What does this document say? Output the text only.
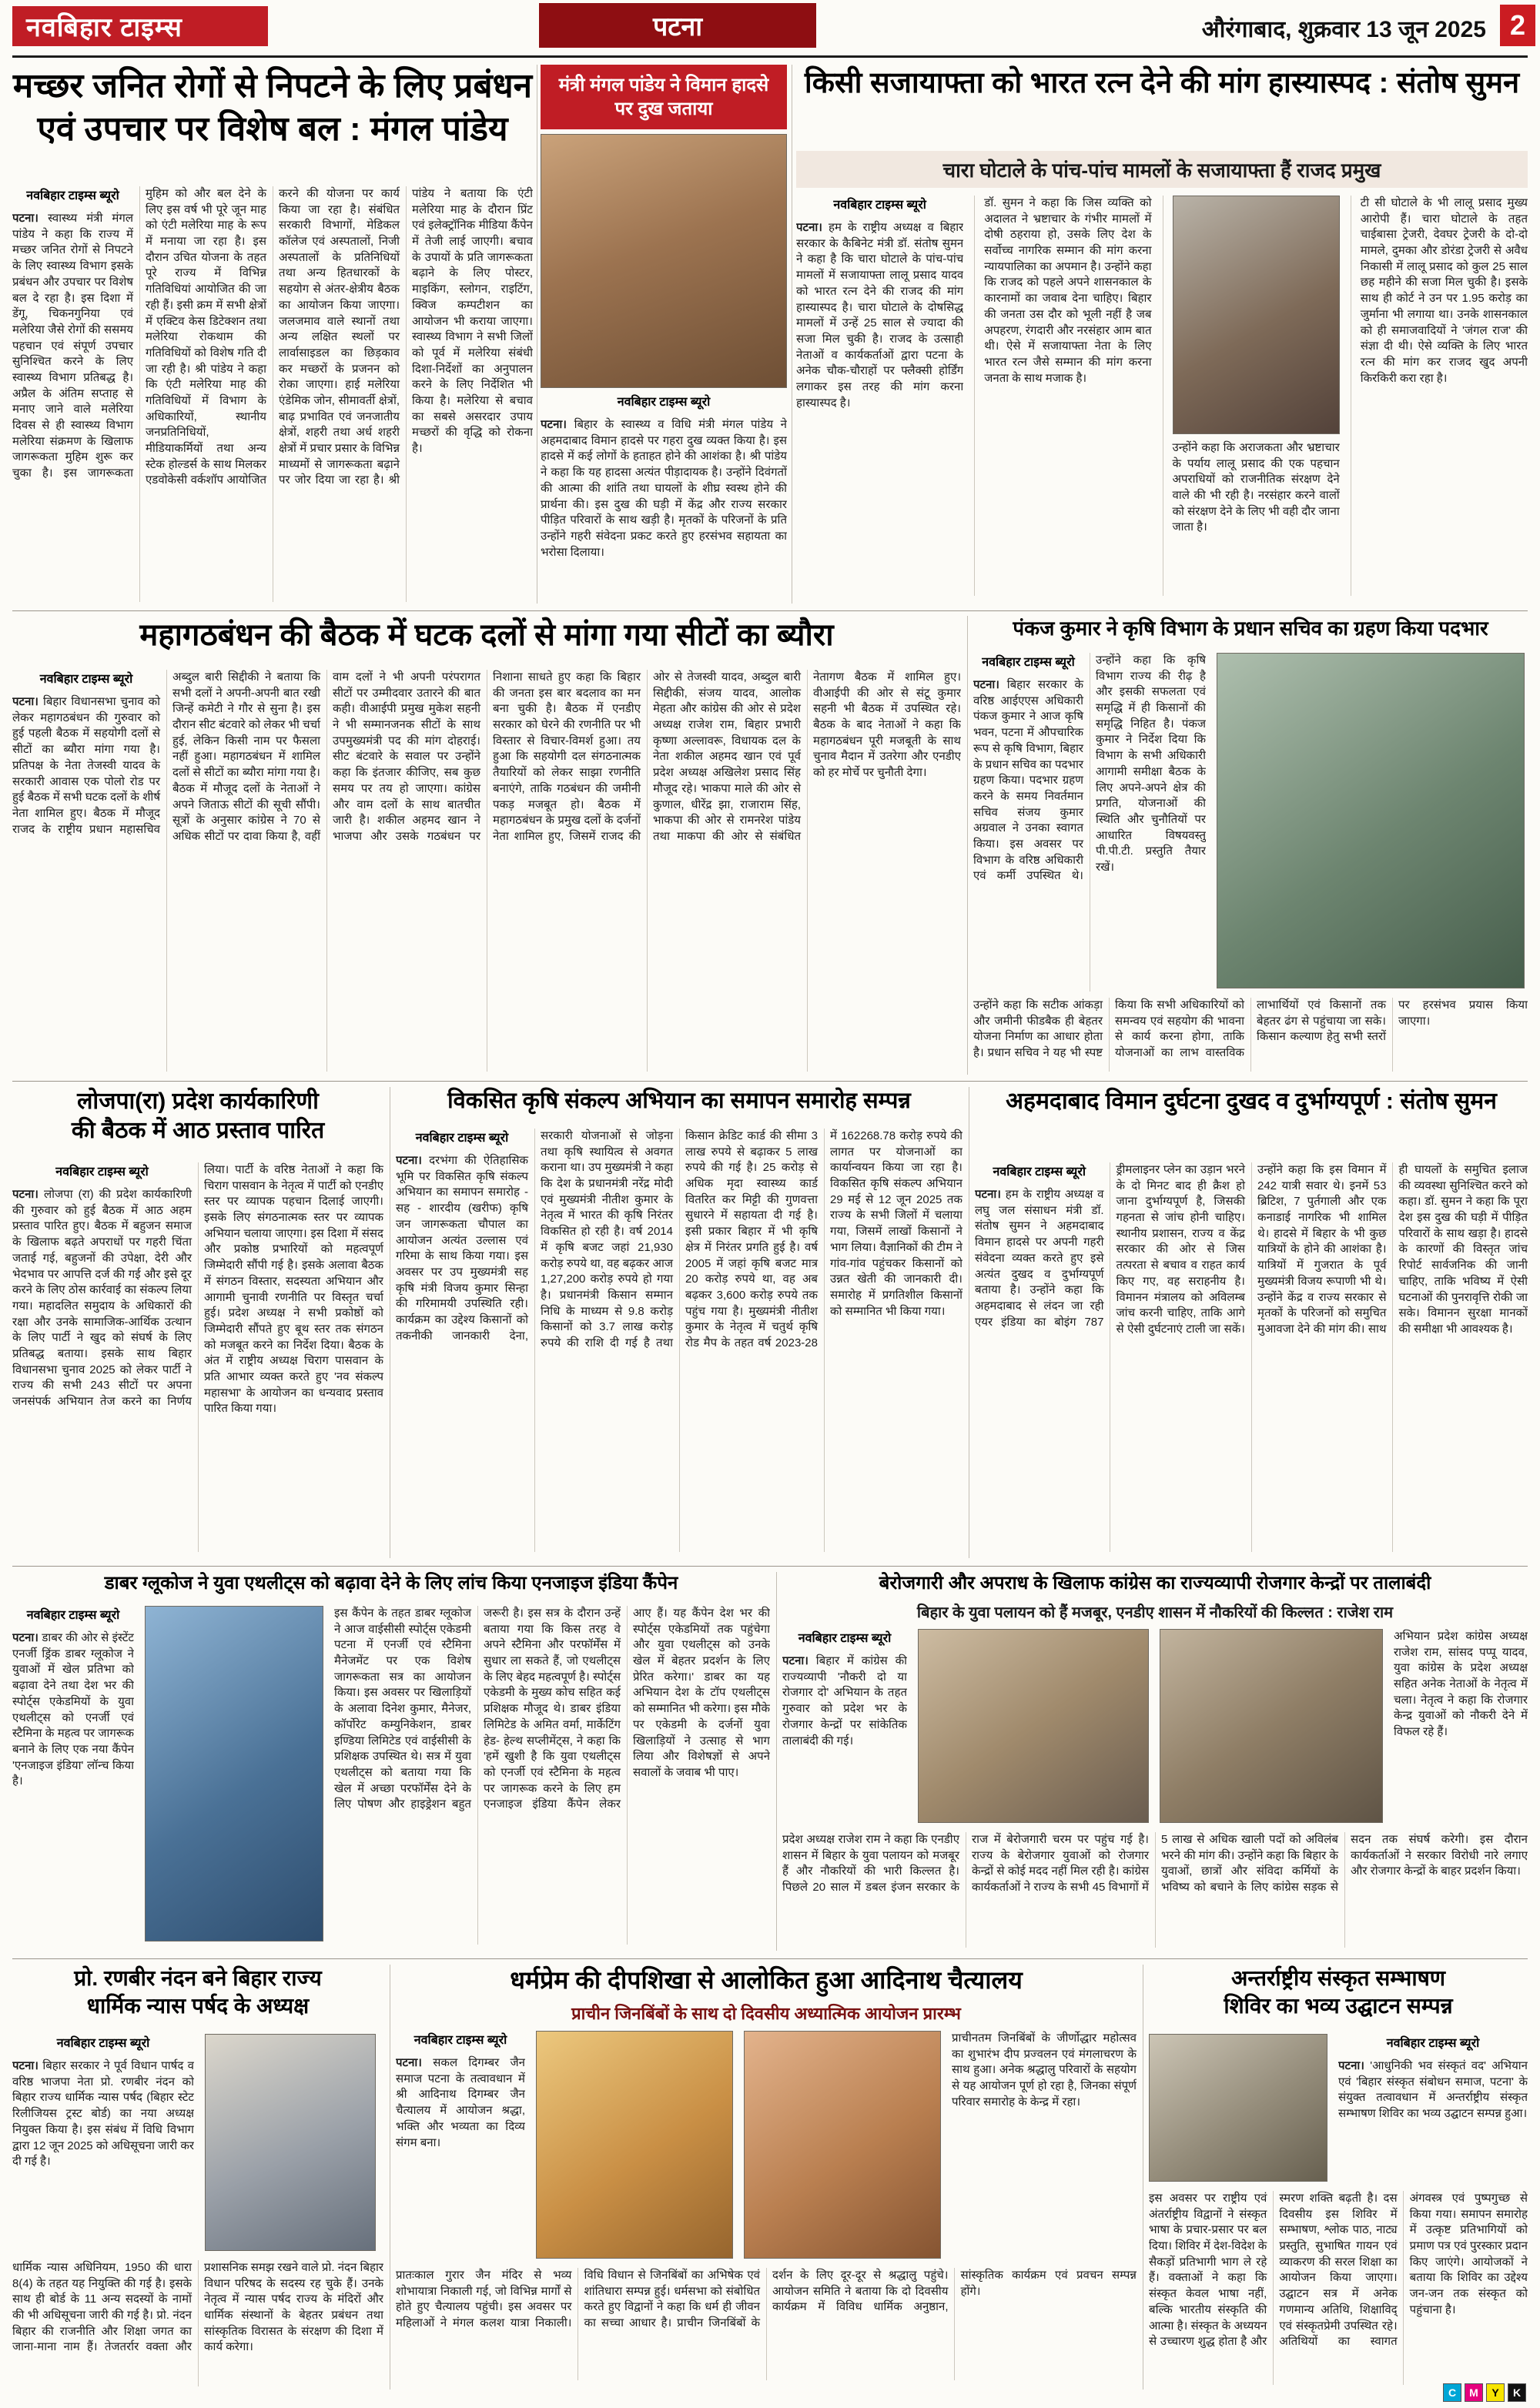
नवबिहार टाइम्स	पटना	औरंगाबाद, शुक्रवार 13 जून 2025 2
मच्छर जनित रोगों से निपटने के लिए प्रबंधन एवं उपचार पर विशेष बल : मंगल पांडेय
नवबिहार टाइम्स ब्यूरो

पटना। स्वास्थ्य मंत्री मंगल पांडेय ने कहा कि राज्य में मच्छर जनित रोगों से निपटने के लिए स्वास्थ्य विभाग इसके प्रबंधन और उपचार पर विशेष बल दे रहा है। इस दिशा में डेंगू, चिकनगुनिया एवं मलेरिया जैसे रोगों की ससमय पहचान एवं संपूर्ण उपचार सुनिश्चित करने के लिए स्वास्थ्य विभाग प्रतिबद्ध है। अप्रैल के अंतिम सप्ताह से मनाए जाने वाले मलेरिया दिवस से ही स्वास्थ्य विभाग मलेरिया संक्रमण के खिलाफ जागरूकता मुहिम शुरू कर चुका है। इस जागरूकता मुहिम को और बल देने के लिए इस वर्ष भी पूरे जून माह को एंटी मलेरिया माह के रूप में मनाया जा रहा है। इस दौरान उचित योजना के तहत पूरे राज्य में विभिन्न गतिविधियां आयोजित की जा रही हैं। इसी क्रम में सभी क्षेत्रों में एक्टिव केस डिटेक्शन तथा मलेरिया रोकथाम की गतिविधियों को विशेष गति दी जा रही है। श्री पांडेय ने कहा कि एंटी मलेरिया माह की गतिविधियों में विभाग के अधिकारियों, स्थानीय जनप्रतिनिधियों, मीडियाकर्मियों तथा अन्य स्टेक होल्डर्स के साथ मिलकर एडवोकेसी वर्कशॉप आयोजित करने की योजना पर कार्य किया जा रहा है। संबंधित सरकारी विभागों, मेडिकल कॉलेज एवं अस्पतालों, निजी अस्पतालों के प्रतिनिधियों तथा अन्य हितधारकों के सहयोग से अंतर-क्षेत्रीय बैठक का आयोजन किया जाएगा। जलजमाव वाले स्थानों तथा अन्य लक्षित स्थलों पर लार्वासाइडल का छिड़काव कर मच्छरों के प्रजनन को रोका जाएगा। हाई मलेरिया एंडेमिक जोन, सीमावर्ती क्षेत्रों, बाढ़ प्रभावित एवं जनजातीय क्षेत्रों, शहरी तथा अर्ध शहरी क्षेत्रों में प्रचार प्रसार के विभिन्न माध्यमों से जागरूकता बढ़ाने पर जोर दिया जा रहा है। श्री पांडेय ने बताया कि एंटी मलेरिया माह के दौरान प्रिंट एवं इलेक्ट्रॉनिक मीडिया कैंपेन में तेजी लाई जाएगी। बचाव के उपायों के प्रति जागरूकता बढ़ाने के लिए पोस्टर, माइकिंग, स्लोगन, राइटिंग, क्विज कम्पटीशन का आयोजन भी कराया जाएगा। स्वास्थ्य विभाग ने सभी जिलों को पूर्व में मलेरिया संबंधी दिशा-निर्देशों का अनुपालन करने के लिए निर्देशित भी किया है। मलेरिया से बचाव का सबसे असरदार उपाय मच्छरों की वृद्धि को रोकना है।

मंत्री मंगल पांडेय ने विमान हादसे पर दुख जताया
नवबिहार टाइम्स ब्यूरो

पटना। बिहार के स्वास्थ्य व विधि मंत्री मंगल पांडेय ने अहमदाबाद विमान हादसे पर गहरा दुख व्यक्त किया है। इस हादसे में कई लोगों के हताहत होने की आशंका है। श्री पांडेय ने कहा कि यह हादसा अत्यंत पीड़ादायक है। उन्होंने दिवंगतों की आत्मा की शांति तथा घायलों के शीघ्र स्वस्थ होने की प्रार्थना की। इस दुख की घड़ी में केंद्र और राज्य सरकार पीड़ित परिवारों के साथ खड़ी है। मृतकों के परिजनों के प्रति उन्होंने गहरी संवेदना प्रकट करते हुए हरसंभव सहायता का भरोसा दिलाया।

किसी सजायाफ्ता को भारत रत्न देने की मांग हास्यास्पद : संतोष सुमन
चारा घोटाले के पांच-पांच मामलों के सजायाफ्ता हैं राजद प्रमुख
नवबिहार टाइम्स ब्यूरो

पटना। हम के राष्ट्रीय अध्यक्ष व बिहार सरकार के कैबिनेट मंत्री डॉ. संतोष सुमन ने कहा है कि चारा घोटाले के पांच-पांच मामलों में सजायाफ्ता लालू प्रसाद यादव को भारत रत्न देने की राजद की मांग हास्यास्पद है। चारा घोटाले के दोषसिद्ध मामलों में उन्हें 25 साल से ज्यादा की सजा मिल चुकी है। राजद के उत्साही नेताओं व कार्यकर्ताओं द्वारा पटना के अनेक चौक-चौराहों पर फ्लैक्सी होर्डिंग लगाकर इस तरह की मांग करना हास्यास्पद है।

डॉ. सुमन ने कहा कि जिस व्यक्ति को अदालत ने भ्रष्टाचार के गंभीर मामलों में दोषी ठहराया हो, उसके लिए देश के सर्वोच्च नागरिक सम्मान की मांग करना न्यायपालिका का अपमान है। उन्होंने कहा कि राजद को पहले अपने शासनकाल के कारनामों का जवाब देना चाहिए। बिहार की जनता उस दौर को भूली नहीं है जब अपहरण, रंगदारी और नरसंहार आम बात थी। ऐसे में सजायाफ्ता नेता के लिए भारत रत्न जैसे सम्मान की मांग करना जनता के साथ मजाक है।

उन्होंने कहा कि अराजकता और भ्रष्टाचार के पर्याय लालू प्रसाद की एक पहचान अपराधियों को राजनीतिक संरक्षण देने वाले की भी रही है। नरसंहार करने वालों को संरक्षण देने के लिए भी वही दौर जाना जाता है।

टी सी घोटाले के भी लालू प्रसाद मुख्य आरोपी हैं। चारा घोटाले के तहत चाईबासा ट्रेजरी, देवघर ट्रेजरी के दो-दो मामले, दुमका और डोरंडा ट्रेजरी से अवैध निकासी में लालू प्रसाद को कुल 25 साल छह महीने की सजा मिल चुकी है। इसके साथ ही कोर्ट ने उन पर 1.95 करोड़ का जुर्माना भी लगाया था। उनके शासनकाल को ही समाजवादियों ने 'जंगल राज' की संज्ञा दी थी। ऐसे व्यक्ति के लिए भारत रत्न की मांग कर राजद खुद अपनी किरकिरी करा रहा है।

महागठबंधन की बैठक में घटक दलों से मांगा गया सीटों का ब्यौरा
नवबिहार टाइम्स ब्यूरो

पटना। बिहार विधानसभा चुनाव को लेकर महागठबंधन की गुरुवार को हुई पहली बैठक में सहयोगी दलों से सीटों का ब्यौरा मांगा गया है। प्रतिपक्ष के नेता तेजस्वी यादव के सरकारी आवास एक पोलो रोड पर हुई बैठक में सभी घटक दलों के शीर्ष नेता शामिल हुए। बैठक में मौजूद राजद के राष्ट्रीय प्रधान महासचिव अब्दुल बारी सिद्दीकी ने बताया कि सभी दलों ने अपनी-अपनी बात रखी जिन्हें कमेटी ने गौर से सुना है। इस दौरान सीट बंटवारे को लेकर भी चर्चा हुई, लेकिन किसी नाम पर फैसला नहीं हुआ। महागठबंधन में शामिल दलों से सीटों का ब्यौरा मांगा गया है। बैठक में मौजूद दलों के नेताओं ने अपने जिताऊ सीटों की सूची सौंपी। सूत्रों के अनुसार कांग्रेस ने 70 से अधिक सीटों पर दावा किया है, वहीं वाम दलों ने भी अपनी परंपरागत सीटों पर उम्मीदवार उतारने की बात कही। वीआईपी प्रमुख मुकेश सहनी ने भी सम्मानजनक सीटों के साथ उपमुख्यमंत्री पद की मांग दोहराई। सीट बंटवारे के सवाल पर उन्होंने कहा कि इंतजार कीजिए, सब कुछ समय पर तय हो जाएगा। कांग्रेस और वाम दलों के साथ बातचीत जारी है। शकील अहमद खान ने भाजपा और उसके गठबंधन पर निशाना साधते हुए कहा कि बिहार की जनता इस बार बदलाव का मन बना चुकी है। बैठक में एनडीए सरकार को घेरने की रणनीति पर भी विस्तार से विचार-विमर्श हुआ। तय हुआ कि सहयोगी दल संगठनात्मक तैयारियों को लेकर साझा रणनीति बनाएंगे, ताकि गठबंधन की जमीनी पकड़ मजबूत हो। बैठक में महागठबंधन के प्रमुख दलों के दर्जनों नेता शामिल हुए, जिसमें राजद की ओर से तेजस्वी यादव, अब्दुल बारी सिद्दीकी, संजय यादव, आलोक मेहता और कांग्रेस की ओर से प्रदेश अध्यक्ष राजेश राम, बिहार प्रभारी कृष्णा अल्लावरू, विधायक दल के नेता शकील अहमद खान एवं पूर्व प्रदेश अध्यक्ष अखिलेश प्रसाद सिंह मौजूद रहे। भाकपा माले की ओर से कुणाल, धीरेंद्र झा, राजाराम सिंह, भाकपा की ओर से रामनरेश पांडेय तथा माकपा की ओर से संबंधित नेतागण बैठक में शामिल हुए। वीआईपी की ओर से संटू कुमार सहनी भी बैठक में उपस्थित रहे। बैठक के बाद नेताओं ने कहा कि महागठबंधन पूरी मजबूती के साथ चुनाव मैदान में उतरेगा और एनडीए को हर मोर्चे पर चुनौती देगा।

पंकज कुमार ने कृषि विभाग के प्रधान सचिव का ग्रहण किया पदभार
नवबिहार टाइम्स ब्यूरो

पटना। बिहार सरकार के वरिष्ठ आईएएस अधिकारी पंकज कुमार ने आज कृषि भवन, पटना में औपचारिक रूप से कृषि विभाग, बिहार के प्रधान सचिव का पदभार ग्रहण किया। पदभार ग्रहण करने के समय निवर्तमान सचिव संजय कुमार अग्रवाल ने उनका स्वागत किया। इस अवसर पर विभाग के वरिष्ठ अधिकारी एवं कर्मी उपस्थित थे। उन्होंने कहा कि कृषि विभाग राज्य की रीढ़ है और इसकी सफलता एवं समृद्धि में ही किसानों की समृद्धि निहित है। पंकज कुमार ने निर्देश दिया कि विभाग के सभी अधिकारी आगामी समीक्षा बैठक के लिए अपने-अपने क्षेत्र की प्रगति, योजनाओं की स्थिति और चुनौतियों पर आधारित विषयवस्तु पी.पी.टी. प्रस्तुति तैयार रखें।

उन्होंने कहा कि सटीक आंकड़ा और जमीनी फीडबैक ही बेहतर योजना निर्माण का आधार होता है। प्रधान सचिव ने यह भी स्पष्ट किया कि सभी अधिकारियों को समन्वय एवं सहयोग की भावना से कार्य करना होगा, ताकि योजनाओं का लाभ वास्तविक लाभार्थियों एवं किसानों तक बेहतर ढंग से पहुंचाया जा सके। किसान कल्याण हेतु सभी स्तरों पर हरसंभव प्रयास किया जाएगा।

लोजपा(रा) प्रदेश कार्यकारिणी की बैठक में आठ प्रस्ताव पारित
नवबिहार टाइम्स ब्यूरो

पटना। लोजपा (रा) की प्रदेश कार्यकारिणी की गुरुवार को हुई बैठक में आठ अहम प्रस्ताव पारित हुए। बैठक में बहुजन समाज के खिलाफ बढ़ते अपराधों पर गहरी चिंता जताई गई, बहुजनों की उपेक्षा, देरी और भेदभाव पर आपत्ति दर्ज की गई और इसे दूर करने के लिए ठोस कार्रवाई का संकल्प लिया गया। महादलित समुदाय के अधिकारों की रक्षा और उनके सामाजिक-आर्थिक उत्थान के लिए पार्टी ने खुद को संघर्ष के लिए प्रतिबद्ध बताया। इसके साथ बिहार विधानसभा चुनाव 2025 को लेकर पार्टी ने राज्य की सभी 243 सीटों पर अपना जनसंपर्क अभियान तेज करने का निर्णय लिया। पार्टी के वरिष्ठ नेताओं ने कहा कि चिराग पासवान के नेतृत्व में पार्टी को एनडीए स्तर पर व्यापक पहचान दिलाई जाएगी। इसके लिए संगठनात्मक स्तर पर व्यापक अभियान चलाया जाएगा। इस दिशा में संसद और प्रकोष्ठ प्रभारियों को महत्वपूर्ण जिम्मेदारी सौंपी गई है। इसके अलावा बैठक में संगठन विस्तार, सदस्यता अभियान और आगामी चुनावी रणनीति पर विस्तृत चर्चा हुई। प्रदेश अध्यक्ष ने सभी प्रकोष्ठों को जिम्मेदारी सौंपते हुए बूथ स्तर तक संगठन को मजबूत करने का निर्देश दिया। बैठक के अंत में राष्ट्रीय अध्यक्ष चिराग पासवान के प्रति आभार व्यक्त करते हुए 'नव संकल्प महासभा' के आयोजन का धन्यवाद प्रस्ताव पारित किया गया।

विकसित कृषि संकल्प अभियान का समापन समारोह सम्पन्न
नवबिहार टाइम्स ब्यूरो

पटना। दरभंगा की ऐतिहासिक भूमि पर विकसित कृषि संकल्प अभियान का समापन समारोह - सह - शारदीय (खरीफ) कृषि जन जागरूकता चौपाल का आयोजन अत्यंत उल्लास एवं गरिमा के साथ किया गया। इस अवसर पर उप मुख्यमंत्री सह कृषि मंत्री विजय कुमार सिन्हा की गरिमामयी उपस्थिति रही। कार्यक्रम का उद्देश्य किसानों को तकनीकी जानकारी देना, सरकारी योजनाओं से जोड़ना तथा कृषि स्थायित्व से अवगत कराना था। उप मुख्यमंत्री ने कहा कि देश के प्रधानमंत्री नरेंद्र मोदी एवं मुख्यमंत्री नीतीश कुमार के नेतृत्व में भारत की कृषि निरंतर विकसित हो रही है। वर्ष 2014 में कृषि बजट जहां 21,930 करोड़ रुपये था, वह बढ़कर आज 1,27,200 करोड़ रुपये हो गया है। प्रधानमंत्री किसान सम्मान निधि के माध्यम से 9.8 करोड़ किसानों को 3.7 लाख करोड़ रुपये की राशि दी गई है तथा किसान क्रेडिट कार्ड की सीमा 3 लाख रुपये से बढ़ाकर 5 लाख रुपये की गई है। 25 करोड़ से अधिक मृदा स्वास्थ्य कार्ड वितरित कर मिट्टी की गुणवत्ता सुधारने में सहायता दी गई है। इसी प्रकार बिहार में भी कृषि क्षेत्र में निरंतर प्रगति हुई है। वर्ष 2005 में जहां कृषि बजट मात्र 20 करोड़ रुपये था, वह अब बढ़कर 3,600 करोड़ रुपये तक पहुंच गया है। मुख्यमंत्री नीतीश कुमार के नेतृत्व में चतुर्थ कृषि रोड मैप के तहत वर्ष 2023-28 में 162268.78 करोड़ रुपये की लागत पर योजनाओं का कार्यान्वयन किया जा रहा है। विकसित कृषि संकल्प अभियान 29 मई से 12 जून 2025 तक राज्य के सभी जिलों में चलाया गया, जिसमें लाखों किसानों ने भाग लिया। वैज्ञानिकों की टीम ने गांव-गांव पहुंचकर किसानों को उन्नत खेती की जानकारी दी। समारोह में प्रगतिशील किसानों को सम्मानित भी किया गया।

अहमदाबाद विमान दुर्घटना दुखद व दुर्भाग्यपूर्ण : संतोष सुमन
नवबिहार टाइम्स ब्यूरो

पटना। हम के राष्ट्रीय अध्यक्ष व लघु जल संसाधन मंत्री डॉ. संतोष सुमन ने अहमदाबाद विमान हादसे पर अपनी गहरी संवेदना व्यक्त करते हुए इसे अत्यंत दुखद व दुर्भाग्यपूर्ण बताया है। उन्होंने कहा कि अहमदाबाद से लंदन जा रही एयर इंडिया का बोइंग 787 ड्रीमलाइनर प्लेन का उड़ान भरने के दो मिनट बाद ही क्रैश हो जाना दुर्भाग्यपूर्ण है, जिसकी गहनता से जांच होनी चाहिए। स्थानीय प्रशासन, राज्य व केंद्र सरकार की ओर से जिस तत्परता से बचाव व राहत कार्य किए गए, वह सराहनीय है। विमानन मंत्रालय को अविलम्ब जांच करनी चाहिए, ताकि आगे से ऐसी दुर्घटनाएं टाली जा सकें। उन्होंने कहा कि इस विमान में 242 यात्री सवार थे। इनमें 53 ब्रिटिश, 7 पुर्तगाली और एक कनाडाई नागरिक भी शामिल थे। हादसे में बिहार के भी कुछ यात्रियों के होने की आशंका है। यात्रियों में गुजरात के पूर्व मुख्यमंत्री विजय रूपाणी भी थे। उन्होंने केंद्र व राज्य सरकार से मृतकों के परिजनों को समुचित मुआवजा देने की मांग की। साथ ही घायलों के समुचित इलाज की व्यवस्था सुनिश्चित करने को कहा। डॉ. सुमन ने कहा कि पूरा देश इस दुख की घड़ी में पीड़ित परिवारों के साथ खड़ा है। हादसे के कारणों की विस्तृत जांच रिपोर्ट सार्वजनिक की जानी चाहिए, ताकि भविष्य में ऐसी घटनाओं की पुनरावृत्ति रोकी जा सके। विमानन सुरक्षा मानकों की समीक्षा भी आवश्यक है।

डाबर ग्लूकोज ने युवा एथलीट्स को बढ़ावा देने के लिए लांच किया एनजाइज इंडिया कैंपेन
नवबिहार टाइम्स ब्यूरो

पटना। डाबर की ओर से इंस्टेंट एनर्जी ड्रिंक डाबर ग्लूकोज ने युवाओं में खेल प्रतिभा को बढ़ावा देने तथा देश भर की स्पोर्ट्स एकेडमियों के युवा एथलीट्स को एनर्जी एवं स्टैमिना के महत्व पर जागरूक बनाने के लिए एक नया कैंपेन 'एनजाइज इंडिया' लॉन्च किया है।

इस कैंपेन के तहत डाबर ग्लूकोज ने आज वाईसीसी स्पोर्ट्स एकेडमी पटना में एनर्जी एवं स्टैमिना मैनेजमेंट पर एक विशेष जागरूकता सत्र का आयोजन किया। इस अवसर पर खिलाड़ियों के अलावा दिनेश कुमार, मैनेजर, कॉर्पोरेट कम्युनिकेशन, डाबर इण्डिया लिमिटेड एवं वाईसीसी के प्रशिक्षक उपस्थित थे। सत्र में युवा एथलीट्स को बताया गया कि खेल में अच्छा परफॉर्मेंस देने के लिए पोषण और हाइड्रेशन बहुत जरूरी है। इस सत्र के दौरान उन्हें बताया गया कि किस तरह वे अपने स्टैमिना और परफॉर्मेंस में सुधार ला सकते हैं, जो एथलीट्स के लिए बेहद महत्वपूर्ण है। स्पोर्ट्स एकेडमी के मुख्य कोच सहित कई प्रशिक्षक मौजूद थे। डाबर इंडिया लिमिटेड के अमित वर्मा, मार्केटिंग हेड- हेल्थ सप्लीमेंट्स, ने कहा कि 'हमें खुशी है कि युवा एथलीट्स को एनर्जी एवं स्टैमिना के महत्व पर जागरूक करने के लिए हम एनजाइज इंडिया कैंपेन लेकर आए हैं। यह कैंपेन देश भर की स्पोर्ट्स एकेडमियों तक पहुंचेगा और युवा एथलीट्स को उनके खेल में बेहतर प्रदर्शन के लिए प्रेरित करेगा।' डाबर का यह अभियान देश के टॉप एथलीट्स को सम्मानित भी करेगा। इस मौके पर एकेडमी के दर्जनों युवा खिलाड़ियों ने उत्साह से भाग लिया और विशेषज्ञों से अपने सवालों के जवाब भी पाए।

बेरोजगारी और अपराध के खिलाफ कांग्रेस का राज्यव्यापी रोजगार केन्द्रों पर तालाबंदी
बिहार के युवा पलायन को हैं मजबूर, एनडीए शासन में नौकरियों की किल्लत : राजेश राम
नवबिहार टाइम्स ब्यूरो

पटना। बिहार में कांग्रेस की राज्यव्यापी 'नौकरी दो या रोजगार दो' अभियान के तहत गुरुवार को प्रदेश भर के रोजगार केन्द्रों पर सांकेतिक तालाबंदी की गई।

अभियान प्रदेश कांग्रेस अध्यक्ष राजेश राम, सांसद पप्पू यादव, युवा कांग्रेस के प्रदेश अध्यक्ष सहित अनेक नेताओं के नेतृत्व में चला। नेतृत्व ने कहा कि रोजगार केन्द्र युवाओं को नौकरी देने में विफल रहे हैं।

प्रदेश अध्यक्ष राजेश राम ने कहा कि एनडीए शासन में बिहार के युवा पलायन को मजबूर हैं और नौकरियों की भारी किल्लत है। पिछले 20 साल में डबल इंजन सरकार के राज में बेरोजगारी चरम पर पहुंच गई है। राज्य के बेरोजगार युवाओं को रोजगार केन्द्रों से कोई मदद नहीं मिल रही है। कांग्रेस कार्यकर्ताओं ने राज्य के सभी 45 विभागों में 5 लाख से अधिक खाली पदों को अविलंब भरने की मांग की। उन्होंने कहा कि बिहार के युवाओं, छात्रों और संविदा कर्मियों के भविष्य को बचाने के लिए कांग्रेस सड़क से सदन तक संघर्ष करेगी। इस दौरान कार्यकर्ताओं ने सरकार विरोधी नारे लगाए और रोजगार केन्द्रों के बाहर प्रदर्शन किया।

प्रो. रणबीर नंदन बने बिहार राज्य धार्मिक न्यास पर्षद के अध्यक्ष
नवबिहार टाइम्स ब्यूरो

पटना। बिहार सरकार ने पूर्व विधान पार्षद व वरिष्ठ भाजपा नेता प्रो. रणबीर नंदन को बिहार राज्य धार्मिक न्यास पर्षद (बिहार स्टेट रिलीजियस ट्रस्ट बोर्ड) का नया अध्यक्ष नियुक्त किया है। इस संबंध में विधि विभाग द्वारा 12 जून 2025 को अधिसूचना जारी कर दी गई है।

धार्मिक न्यास अधिनियम, 1950 की धारा 8(4) के तहत यह नियुक्ति की गई है। इसके साथ ही बोर्ड के 11 अन्य सदस्यों के नामों की भी अधिसूचना जारी की गई है। प्रो. नंदन बिहार की राजनीति और शिक्षा जगत का जाना-माना नाम हैं। तेजतर्रार वक्ता और प्रशासनिक समझ रखने वाले प्रो. नंदन बिहार विधान परिषद के सदस्य रह चुके हैं। उनके नेतृत्व में न्यास पर्षद राज्य के मंदिरों और धार्मिक संस्थानों के बेहतर प्रबंधन तथा सांस्कृतिक विरासत के संरक्षण की दिशा में कार्य करेगा।

धर्मप्रेम की दीपशिखा से आलोकित हुआ आदिनाथ चैत्यालय
प्राचीन जिनबिंबों के साथ दो दिवसीय अध्यात्मिक आयोजन प्रारम्भ
नवबिहार टाइम्स ब्यूरो

पटना। सकल दिगम्बर जैन समाज पटना के तत्वावधान में श्री आदिनाथ दिगम्बर जैन चैत्यालय में आयोजन श्रद्धा, भक्ति और भव्यता का दिव्य संगम बना।

प्राचीनतम जिनबिंबों के जीर्णोद्धार महोत्सव का शुभारंभ दीप प्रज्वलन एवं मंगलाचरण के साथ हुआ। अनेक श्रद्धालु परिवारों के सहयोग से यह आयोजन पूर्ण हो रहा है, जिनका संपूर्ण परिवार समारोह के केन्द्र में रहा।

प्रातःकाल गुरार जैन मंदिर से भव्य शोभायात्रा निकाली गई, जो विभिन्न मार्गों से होते हुए चैत्यालय पहुंची। इस अवसर पर महिलाओं ने मंगल कलश यात्रा निकाली। विधि विधान से जिनबिंबों का अभिषेक एवं शांतिधारा सम्पन्न हुई। धर्मसभा को संबोधित करते हुए विद्वानों ने कहा कि धर्म ही जीवन का सच्चा आधार है। प्राचीन जिनबिंबों के दर्शन के लिए दूर-दूर से श्रद्धालु पहुंचे। आयोजन समिति ने बताया कि दो दिवसीय कार्यक्रम में विविध धार्मिक अनुष्ठान, सांस्कृतिक कार्यक्रम एवं प्रवचन सम्पन्न होंगे।

अन्तर्राष्ट्रीय संस्कृत सम्भाषण शिविर का भव्य उद्घाटन सम्पन्न
नवबिहार टाइम्स ब्यूरो

पटना। 'आधुनिकी भव संस्कृतं वद' अभियान एवं 'बिहार संस्कृत संबोधन समाज, पटना' के संयुक्त तत्वावधान में अन्तर्राष्ट्रीय संस्कृत सम्भाषण शिविर का भव्य उद्घाटन सम्पन्न हुआ।

इस अवसर पर राष्ट्रीय एवं अंतर्राष्ट्रीय विद्वानों ने संस्कृत भाषा के प्रचार-प्रसार पर बल दिया। शिविर में देश-विदेश के सैकड़ों प्रतिभागी भाग ले रहे हैं। वक्ताओं ने कहा कि संस्कृत केवल भाषा नहीं, बल्कि भारतीय संस्कृति की आत्मा है। संस्कृत के अध्ययन से उच्चारण शुद्ध होता है और स्मरण शक्ति बढ़ती है। दस दिवसीय इस शिविर में सम्भाषण, श्लोक पाठ, नाट्य प्रस्तुति, सुभाषित गायन एवं व्याकरण की सरल शिक्षा का आयोजन किया जाएगा। उद्घाटन सत्र में अनेक गणमान्य अतिथि, शिक्षाविद् एवं संस्कृतप्रेमी उपस्थित रहे। अतिथियों का स्वागत अंगवस्त्र एवं पुष्पगुच्छ से किया गया। समापन समारोह में उत्कृष्ट प्रतिभागियों को प्रमाण पत्र एवं पुरस्कार प्रदान किए जाएंगे। आयोजकों ने बताया कि शिविर का उद्देश्य जन-जन तक संस्कृत को पहुंचाना है।

C	M	Y	K
